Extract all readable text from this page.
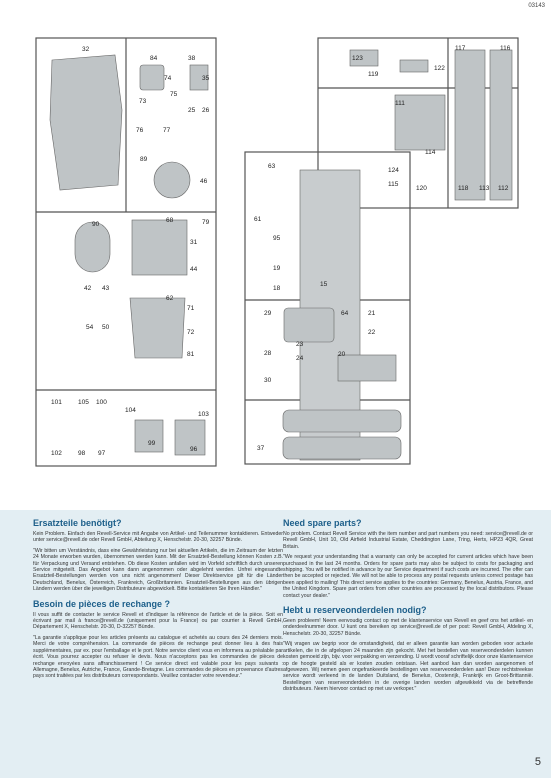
03143
32
84	38
74	35
73
75
25 26
76	77
89
46
90
68	79
31
44
42 43
62
54 50
71
72
81
101 105 100
104
103
99
102 98 97
96
123
119
122
117	116
111
114
115
120
124
118 113 112
63
61
95
19
18
15
29	64	21
22
23
24
28	20
30
37

Ersatzteile benötigt?

Kein Problem. Einfach den Revell-Service mit Angabe von Artikel- und Teilenummer kontaktieren. Entweder unter service@revell.de oder Revell GmbH, Abteilung X, Henschelstr. 20-30, 32257 Bünde.

"Wir bitten um Verständnis, dass eine Gewährleistung nur bei aktuellen Artikeln, die im Zeitraum der letzten 24 Monate erworben wurden, übernommen werden kann. Mit der Ersatzteil-Bestellung können Kosten z.B. für Verpackung und Versand entstehen. Ob diese Kosten anfallen wird im Vorfeld schriftlich durch unseren Service mitgeteilt. Das Angebot kann dann angenommen oder abgelehnt werden. Unfrei eingesandte Ersatzteil-Bestellungen werden von uns nicht angenommen! Dieser Direktservice gilt für die Länder Deutschland, Benelux, Österreich, Frankreich, Großbritannien. Ersatzteil-Bestellungen aus den übrigen Ländern werden über die jeweiligen Distributeure abgewickelt. Bitte kontaktieren Sie Ihren Händler."

Besoin de pièces de rechange ?

Il vous suffit de contacter le service Revell et d'indiquer la référence de l'article et de la pièce. Soit en écrivant par mail à france@revell.de (uniquement pour la France) ou par courrier à Revell GmbH, Département X, Henschelstr. 20-30, D-32257 Bünde.

"La garantie s'applique pour les articles présents au catalogue et achetés au cours des 24 derniers mois. Merci de votre compréhension. La commande de pièces de rechange peut donner lieu à des frais supplémentaires, par ex. pour l'emballage et le port. Notre service client vous en informera au préalable par écrit. Vous pourrez accepter ou refuser le devis. Nous n'acceptons pas les commandes de pièces de rechange envoyées sans affranchissement ! Ce service direct est valable pour les pays suivants : Allemagne, Benelux, Autriche, France, Grande-Bretagne. Les commandes de pièces en provenance d'autres pays sont traitées par les distributeurs correspondants. Veuillez contacter votre revendeur."

Need spare parts?

No problem. Contact Revell Service with the item number and part numbers you need: service@revell.de or Revell GmbH, Unit 10, Old Airfield Industrial Estate, Cheddington Lane, Tring, Herts, HP23 4QR, Great Britain.

"We request your understanding that a warranty can only be accepted for current articles which have been purchased in the last 24 months. Orders for spare parts may also be subject to costs for packaging and shipping. You will be notified in advance by our Service department if such costs are incurred. The offer can then be accepted or rejected. We will not be able to process any postal requests unless correct postage has been applied to mailing! This direct service applies to the countries: Germany, Benelux, Austria, France, and the United Kingdom. Spare part orders from other countries are processed by the local distributors. Please contact your dealer."

Hebt u reserveonderdelen nodig?

Geen probleem! Neem eenvoudig contact op met de klantenservice van Revell en geef ons het artikel- en onderdeelnummer door. U kunt ons bereiken op service@revell.de of per post: Revell GmbH, Afdeling X, Henschelstr. 20-30, 32257 Bünde.

"Wij vragen uw begrip voor de omstandigheid, dat er alleen garantie kan worden geboden voor actuele artikelen, die in de afgelopen 24 maanden zijn gekocht. Met het bestellen van reserveonderdelen kunnen kosten gemoeid zijn, bijv. voor verpakking en verzending. U wordt vooraf schriftelijk door onze klantenservice op de hoogte gesteld als er kosten zouden ontstaan. Het aanbod kan dan worden aangenomen of afgewezen. Wij nemen geen ongefrankeerde bestellingen van reserveonderdelen aan! Deze rechtstreekse service wordt verleend in de landen Duitsland, de Benelux, Oostenrijk, Frankrijk en Groot-Brittannië. Bestellingen van reserveonderdelen in de overige landen worden afgewikkeld via de betreffende distributeurs. Neem hiervoor contact op met uw verkoper."

5
